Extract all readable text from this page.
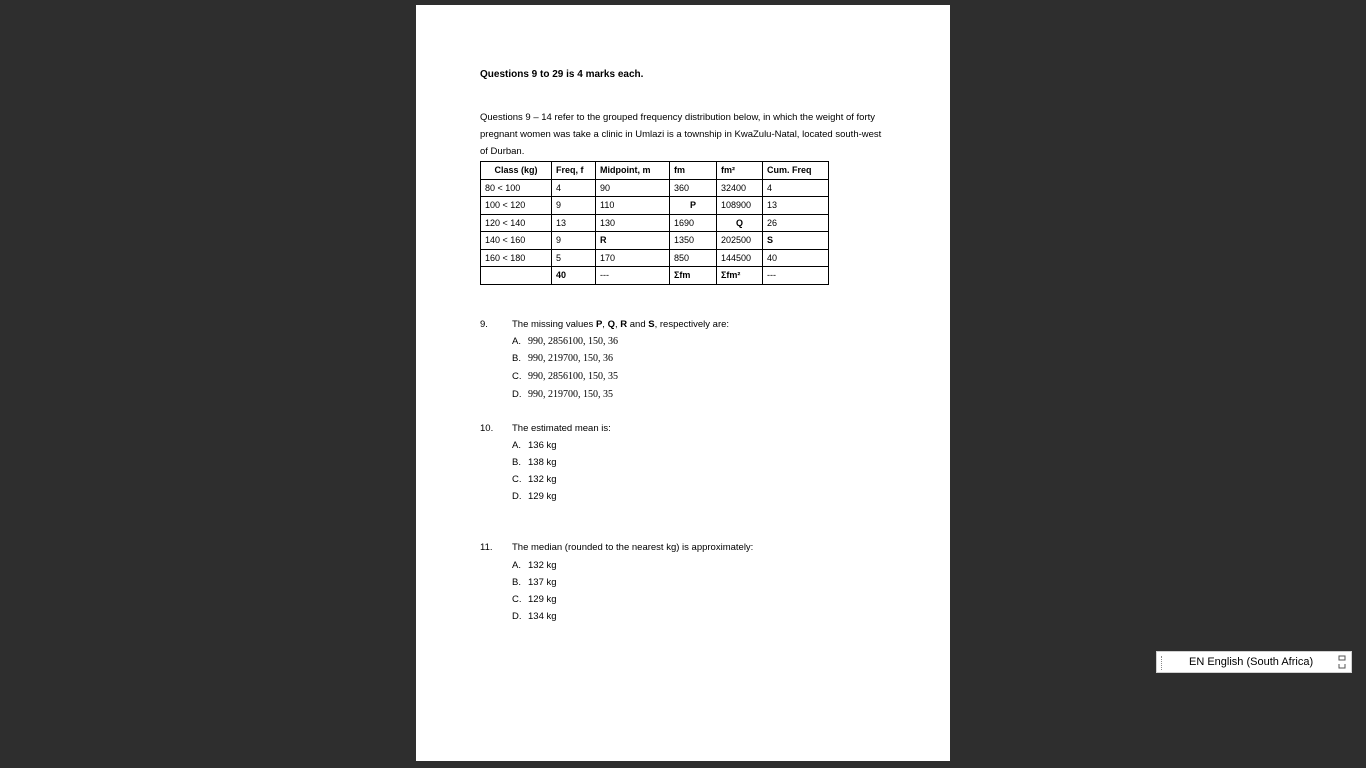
Questions 9 to 29 is 4 marks each.
Questions 9 – 14 refer to the grouped frequency distribution below, in which the weight of forty pregnant women was take a clinic in Umlazi is a township in KwaZulu-Natal, located south-west of Durban.
Class (kg)	Freq, f	Midpoint, m	fm	fm²	Cum. Freq
80 < 100	4	90	360	32400	4
100 < 120	9	110	P	108900	13
120 < 140	13	130	1690	Q	26
140 < 160	9	R	1350	202500	S
160 < 180	5	170	850	144500	40
	40	---	Σfm	Σfm²	---
9.	The missing values P, Q, R and S, respectively are:
A. 990, 2856100, 150, 36
B. 990, 219700, 150, 36
C. 990, 2856100, 150, 35
D. 990, 219700, 150, 35
10. The estimated mean is:
A. 136 kg
B. 138 kg
C. 132 kg
D. 129 kg
11. The median (rounded to the nearest kg) is approximately:
A. 132 kg
B. 137 kg
C. 129 kg
D. 134 kg
EN English (South Africa)
